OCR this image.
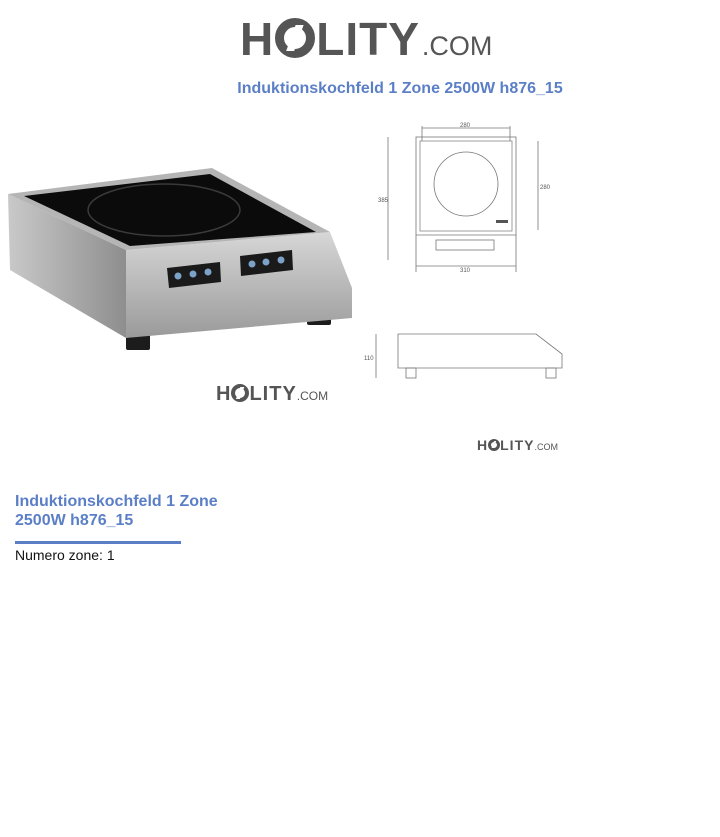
H LITY .COM
Induktionskochfeld 1 Zone 2500W h876_15
H LITY .COM
280
280
385
310
110
H LITY .COM
Induktionskochfeld 1 Zone 2500W h876_15
Numero zone: 1
